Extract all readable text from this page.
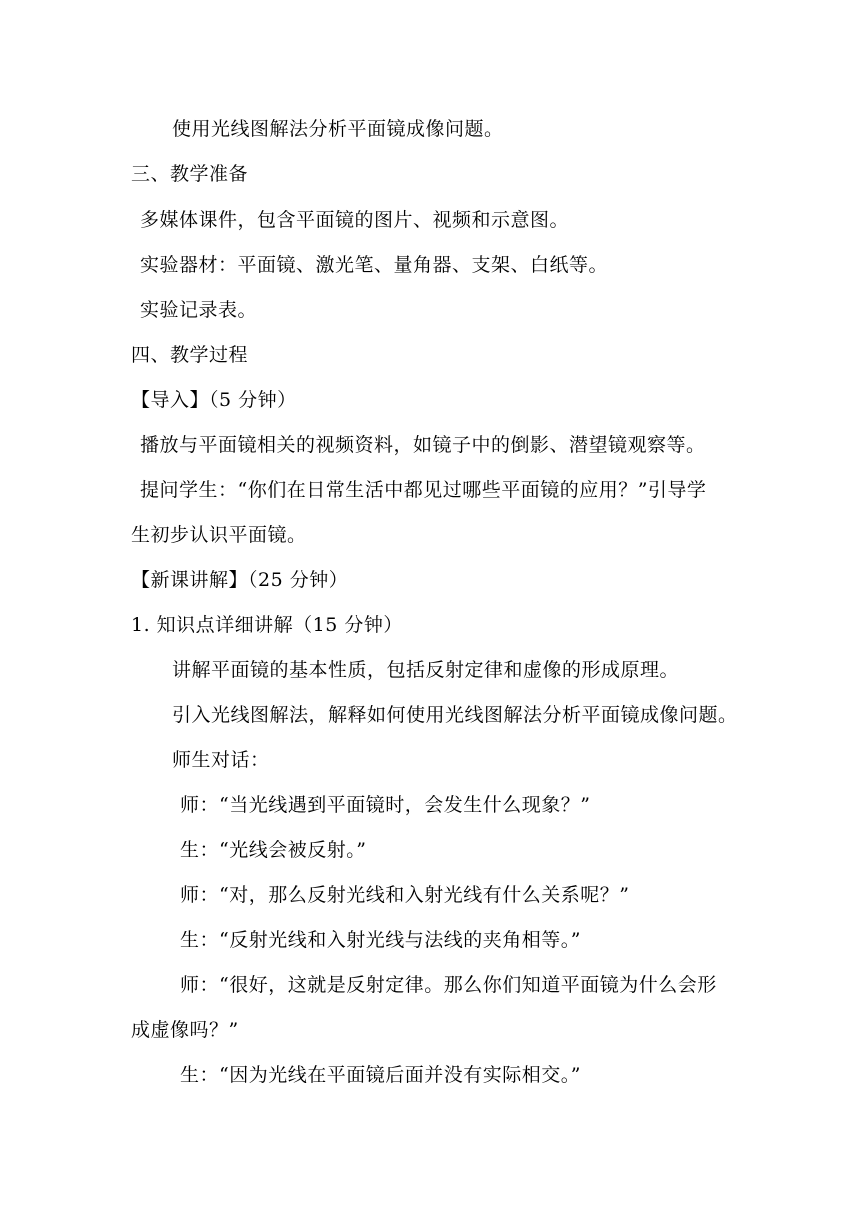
使用光线图解法分析平面镜成像问题。
三、教学准备
多媒体课件，包含平面镜的图片、视频和示意图。
实验器材：平面镜、激光笔、量角器、支架、白纸等。
实验记录表。
四、教学过程
【导入】（5 分钟）
播放与平面镜相关的视频资料，如镜子中的倒影、潜望镜观察等。
提问学生：“你们在日常生活中都见过哪些平面镜的应用？”引导学
生初步认识平面镜。
【新课讲解】（25 分钟）
1. 知识点详细讲解（15 分钟）
讲解平面镜的基本性质，包括反射定律和虚像的形成原理。
引入光线图解法，解释如何使用光线图解法分析平面镜成像问题。
师生对话：
师：“当光线遇到平面镜时，会发生什么现象？”
生：“光线会被反射。”
师：“对，那么反射光线和入射光线有什么关系呢？”
生：“反射光线和入射光线与法线的夹角相等。”
师：“很好，这就是反射定律。那么你们知道平面镜为什么会形
成虚像吗？”
生：“因为光线在平面镜后面并没有实际相交。”
